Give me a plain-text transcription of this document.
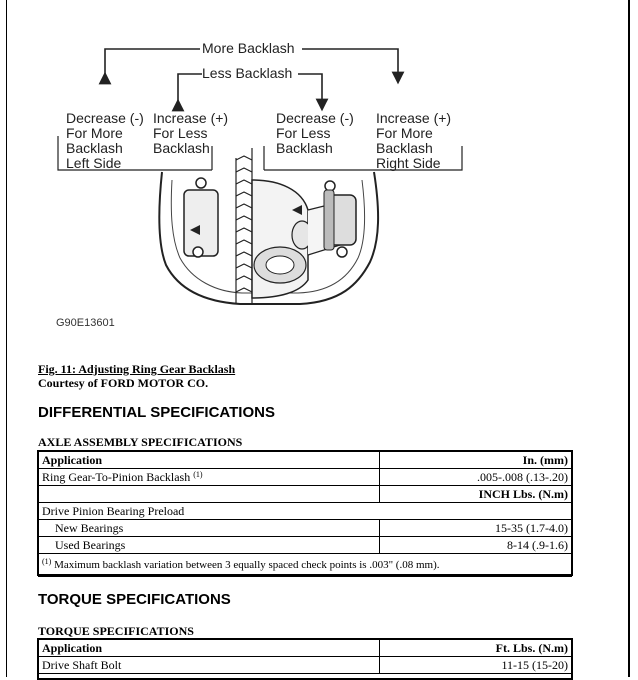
More Backlash
Less Backlash
Decrease (-)
For More
Backlash
Left Side
Increase (+)
For Less
Backlash
Decrease (-)
For Less
Backlash
Increase (+)
For More
Backlash
Right Side
G90E13601
Fig. 11: Adjusting Ring Gear Backlash
Courtesy of FORD MOTOR CO.
DIFFERENTIAL SPECIFICATIONS
AXLE ASSEMBLY SPECIFICATIONS
Application	In. (mm)
Ring Gear-To-Pinion Backlash $^{(1)}$	.005-.008 (.13-.20)
	INCH Lbs. (N.m)
Drive Pinion Bearing Preload	
New Bearings	15-35 (1.7-4.0)
Used Bearings	8-14 (.9-1.6)
$^{(1)}$ Maximum backlash variation between 3 equally spaced check points is .003" (.08 mm).	
TORQUE SPECIFICATIONS
TORQUE SPECIFICATIONS
Application	Ft. Lbs. (N.m)
Drive Shaft Bolt	11-15 (15-20)
